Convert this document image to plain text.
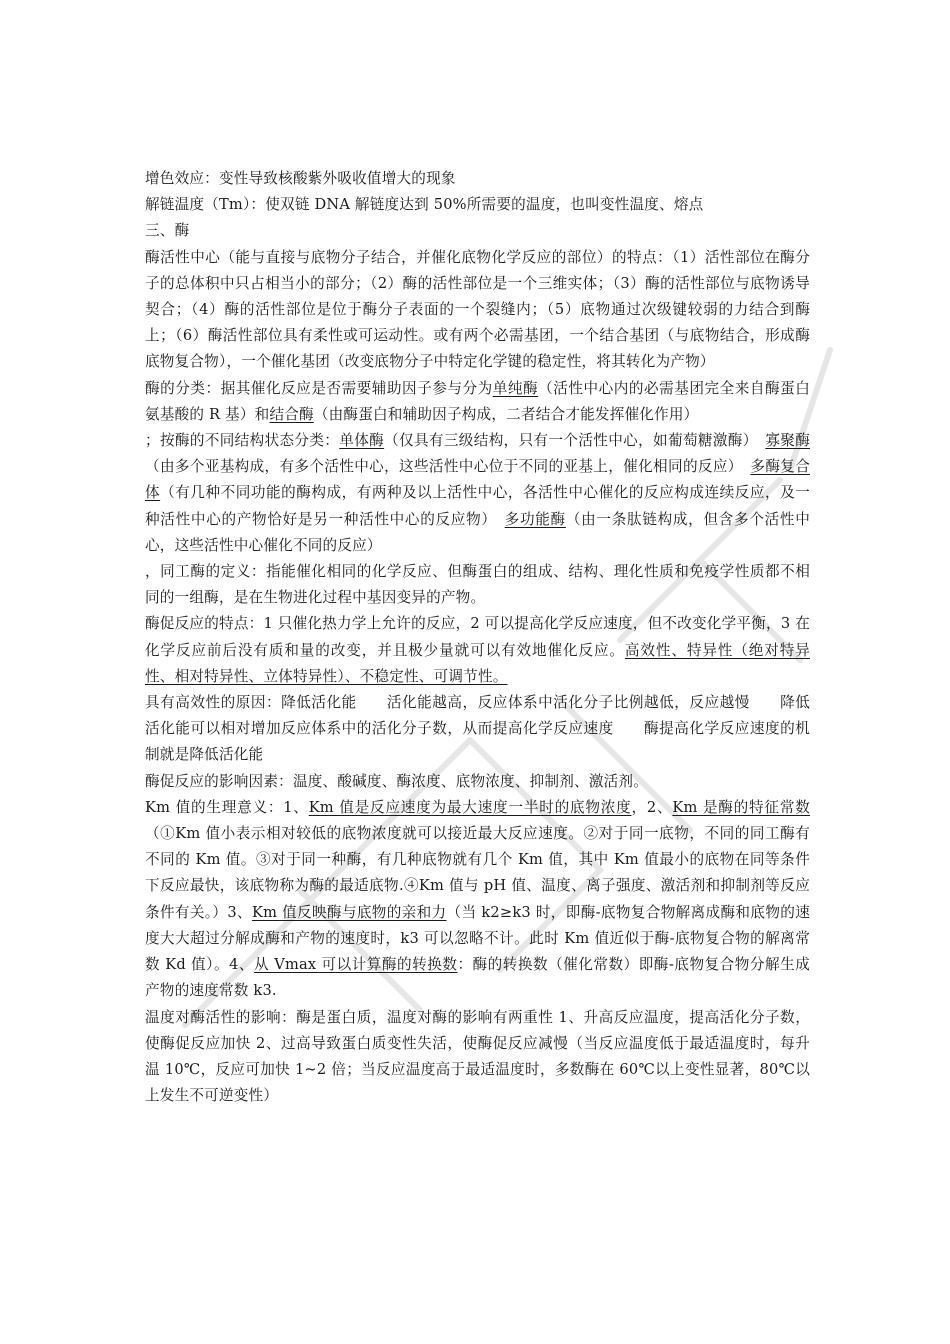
增色效应：变性导致核酸紫外吸收值增大的现象

解链温度（Tm）：使双链 DNA 解链度达到 50%所需要的温度，也叫变性温度、熔点

三、酶

酶活性中心（能与直接与底物分子结合，并催化底物化学反应的部位）的特点：（1）活性部位在酶分子的总体积中只占相当小的部分；（2）酶的活性部位是一个三维实体；（3）酶的活性部位与底物诱导契合；（4）酶的活性部位是位于酶分子表面的一个裂缝内；（5）底物通过次级键较弱的力结合到酶上；（6）酶活性部位具有柔性或可运动性。或有两个必需基团，一个结合基团（与底物结合，形成酶底物复合物），一个催化基团（改变底物分子中特定化学键的稳定性，将其转化为产物）

酶的分类：据其催化反应是否需要辅助因子参与分为单纯酶（活性中心内的必需基团完全来自酶蛋白氨基酸的 R 基）和结合酶（由酶蛋白和辅助因子构成，二者结合才能发挥催化作用）

；按酶的不同结构状态分类：单体酶（仅具有三级结构，只有一个活性中心，如葡萄糖激酶）　寡聚酶（由多个亚基构成，有多个活性中心，这些活性中心位于不同的亚基上，催化相同的反应）　多酶复合体（有几种不同功能的酶构成，有两种及以上活性中心，各活性中心催化的反应构成连续反应，及一种活性中心的产物恰好是另一种活性中心的反应物）　多功能酶（由一条肽链构成，但含多个活性中心，这些活性中心催化不同的反应）

，同工酶的定义：指能催化相同的化学反应、但酶蛋白的组成、结构、理化性质和免疫学性质都不相同的一组酶，是在生物进化过程中基因变异的产物。

酶促反应的特点：1 只催化热力学上允许的反应，2 可以提高化学反应速度，但不改变化学平衡，3 在化学反应前后没有质和量的改变，并且极少量就可以有效地催化反应。高效性、特异性（绝对特异性、相对特异性、立体特异性）、不稳定性、可调节性。

具有高效性的原因：降低活化能　　活化能越高，反应体系中活化分子比例越低，反应越慢　　降低活化能可以相对增加反应体系中的活化分子数，从而提高化学反应速度　　酶提高化学反应速度的机制就是降低活化能

酶促反应的影响因素：温度、酸碱度、酶浓度、底物浓度、抑制剂、激活剂。

Km 值的生理意义：1、Km 值是反应速度为最大速度一半时的底物浓度，2、Km 是酶的特征常数（①Km 值小表示相对较低的底物浓度就可以接近最大反应速度。②对于同一底物，不同的同工酶有不同的 Km 值。③对于同一种酶，有几种底物就有几个 Km 值，其中 Km 值最小的底物在同等条件下反应最快，该底物称为酶的最适底物.④Km 值与 pH 值、温度、离子强度、激活剂和抑制剂等反应条件有关。）3、Km 值反映酶与底物的亲和力（当 k2≥k3 时，即酶-底物复合物解离成酶和底物的速度大大超过分解成酶和产物的速度时，k3 可以忽略不计。此时 Km 值近似于酶-底物复合物的解离常数 Kd 值）。4、从 Vmax 可以计算酶的转换数：酶的转换数（催化常数）即酶-底物复合物分解生成产物的速度常数 k3.

温度对酶活性的影响：酶是蛋白质，温度对酶的影响有两重性 1、升高反应温度，提高活化分子数，使酶促反应加快 2、过高导致蛋白质变性失活，使酶促反应减慢（当反应温度低于最适温度时，每升温 10℃，反应可加快 1~2 倍；当反应温度高于最适温度时，多数酶在 60℃以上变性显著，80℃以上发生不可逆变性）
